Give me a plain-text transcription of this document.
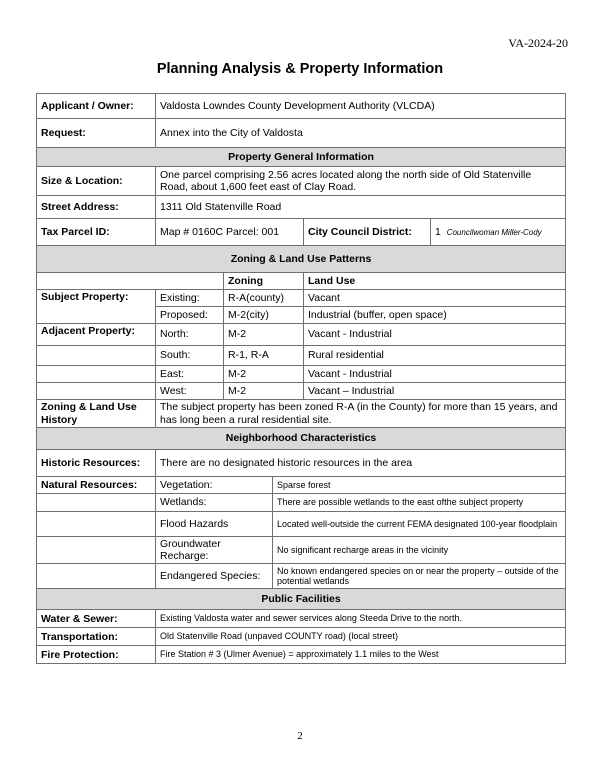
VA-2024-20
Planning Analysis & Property Information
Applicant / Owner:	Valdosta Lowndes County Development Authority (VLCDA)				
Request:	Annex into the City of Valdosta				
Property General Information					
Size & Location:	One parcel comprising 2.56 acres located along the north side of Old Statenville Road, about 1,600 feet east of Clay Road.				
Street Address:	1311 Old Statenville Road				
Tax Parcel ID:	Map # 0160C Parcel: 001			City Council District:	1 Councilwoman Miller-Cody
Zoning & Land Use Patterns					
		Zoning		Land Use	
Subject Property:	Existing:	R-A(county)		Vacant	
	Proposed:	M-2(city)		Industrial (buffer, open space)	
Adjacent Property:	North:	M-2		Vacant - Industrial	
	South:	R-1, R-A		Rural residential	
	East:	M-2		Vacant - Industrial	
	West:	M-2		Vacant – Industrial	
Zoning & Land Use History	The subject property has been zoned R-A (in the County) for more than 15 years, and has long been a rural residential site.				
Neighborhood Characteristics					
Historic Resources:	There are no designated historic resources in the area				
Natural Resources:	Vegetation:		Sparse forest		
	Wetlands:		There are possible wetlands to the east ofthe subject property		
	Flood Hazards		Located well-outside the current FEMA designated 100-year floodplain		
	Groundwater Recharge:		No significant recharge areas in the vicinity		
	Endangered Species:		No known endangered species on or near the property – outside of the potential wetlands		
Public Facilities					
Water & Sewer:	Existing Valdosta water and sewer services along Steeda Drive to the north.				
Transportation:	Old Statenville Road (unpaved COUNTY road) (local street)				
Fire Protection:	Fire Station # 3 (Ulmer Avenue) = approximately 1.1 miles to the West				
2
